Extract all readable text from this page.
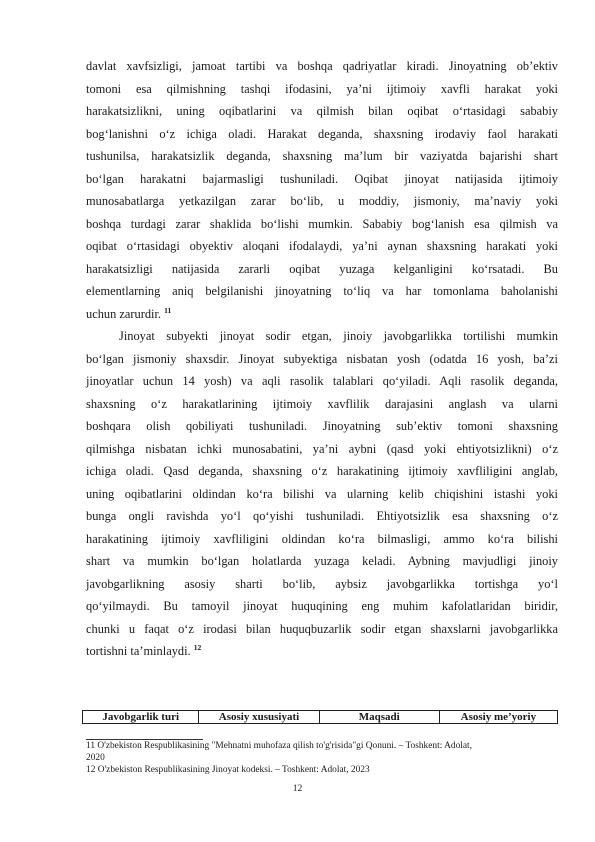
davlat xavfsizligi, jamoat tartibi va boshqa qadriyatlar kiradi. Jinoyatning ob’ektiv
tomoni esa qilmishning tashqi ifodasini, ya’ni ijtimoiy xavfli harakat yoki
harakatsizlikni, uning oqibatlarini va qilmish bilan oqibat o‘rtasidagi sababiy
bog‘lanishni o‘z ichiga oladi. Harakat deganda, shaxsning irodaviy faol harakati
tushunilsa, harakatsizlik deganda, shaxsning ma’lum bir vaziyatda bajarishi shart
bo‘lgan harakatni bajarmasligi tushuniladi. Oqibat jinoyat natijasida ijtimoiy
munosabatlarga yetkazilgan zarar bo‘lib, u moddiy, jismoniy, ma’naviy yoki
boshqa turdagi zarar shaklida bo‘lishi mumkin. Sababiy bog‘lanish esa qilmish va
oqibat o‘rtasidagi obyektiv aloqani ifodalaydi, ya’ni aynan shaxsning harakati yoki
harakatsizligi natijasida zararli oqibat yuzaga kelganligini ko‘rsatadi. Bu
elementlarning aniq belgilanishi jinoyatning to‘liq va har tomonlama baholanishi
uchun zarurdir. $^{11}$
Jinoyat subyekti jinoyat sodir etgan, jinoiy javobgarlikka tortilishi mumkin
bo‘lgan jismoniy shaxsdir. Jinoyat subyektiga nisbatan yosh (odatda 16 yosh, ba’zi
jinoyatlar uchun 14 yosh) va aqli rasolik talablari qo‘yiladi. Aqli rasolik deganda,
shaxsning o‘z harakatlarining ijtimoiy xavflilik darajasini anglash va ularni
boshqara olish qobiliyati tushuniladi. Jinoyatning sub’ektiv tomoni shaxsning
qilmishga nisbatan ichki munosabatini, ya’ni aybni (qasd yoki ehtiyotsizlikni) o‘z
ichiga oladi. Qasd deganda, shaxsning o‘z harakatining ijtimoiy xavfliligini anglab,
uning oqibatlarini oldindan ko‘ra bilishi va ularning kelib chiqishini istashi yoki
bunga ongli ravishda yo‘l qo‘yishi tushuniladi. Ehtiyotsizlik esa shaxsning o‘z
harakatining ijtimoiy xavfliligini oldindan ko‘ra bilmasligi, ammo ko‘ra bilishi
shart va mumkin bo‘lgan holatlarda yuzaga keladi. Aybning mavjudligi jinoiy
javobgarlikning asosiy sharti bo‘lib, aybsiz javobgarlikka tortishga yo‘l
qo‘yilmaydi. Bu tamoyil jinoyat huquqining eng muhim kafolatlaridan biridir,
chunki u faqat o‘z irodasi bilan huquqbuzarlik sodir etgan shaxslarni javobgarlikka
tortishni ta’minlaydi. $^{12}$
Javobgarlik turi	Asosiy xususiyati	Maqsadi	Asosiy me’yoriy
11 O'zbekiston Respublikasining "Mehnatni muhofaza qilish to'g'risida"gi Qonuni. – Toshkent: Adolat,
2020
12 O'zbekiston Respublikasining Jinoyat kodeksi. – Toshkent: Adolat, 2023
12
